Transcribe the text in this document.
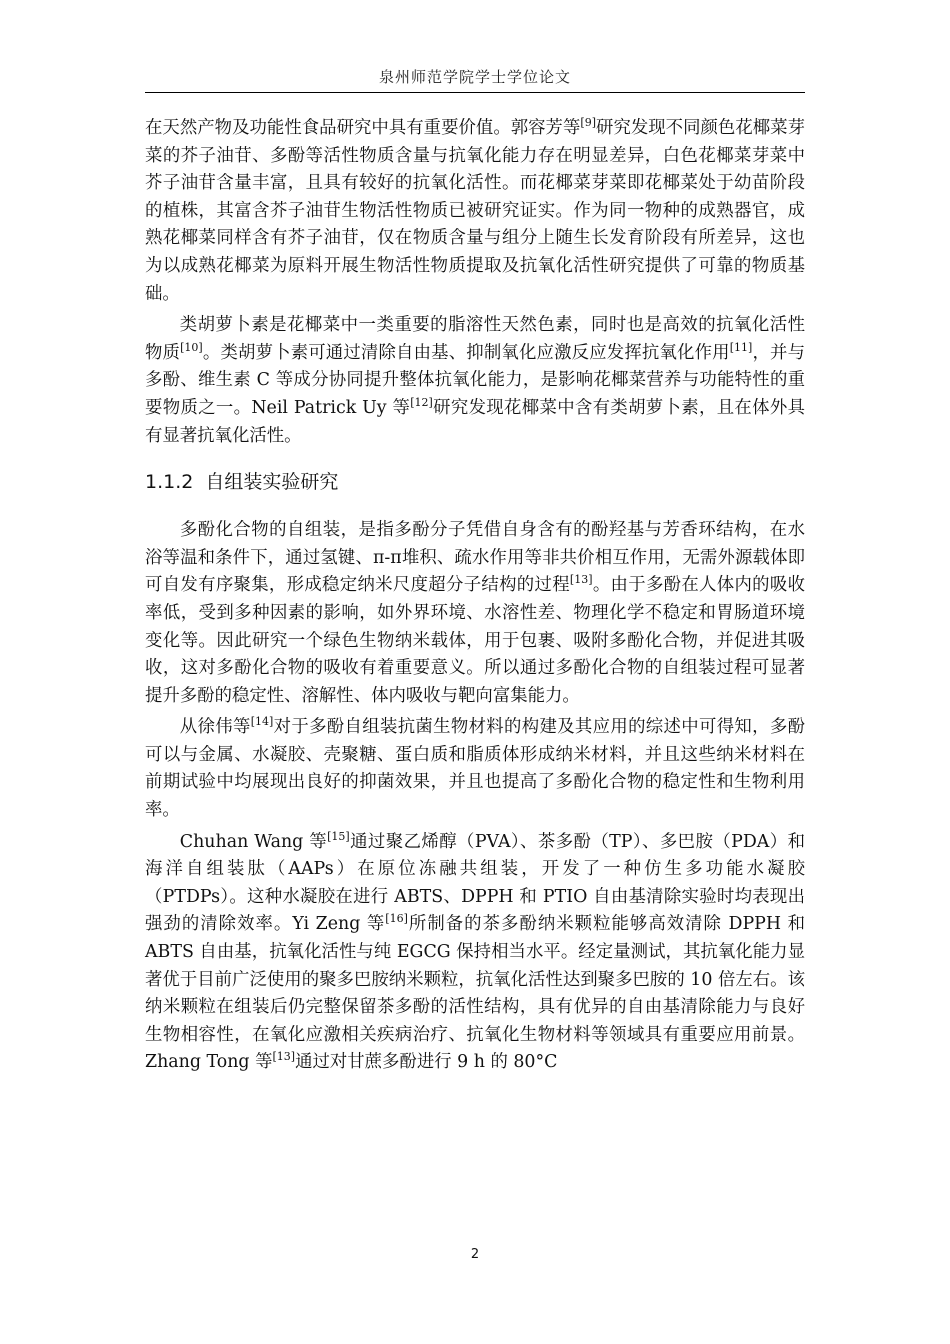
泉州师范学院学士学位论文

在天然产物及功能性食品研究中具有重要价值。郭容芳等[9]研究发现不同颜色花椰菜芽菜的芥子油苷、多酚等活性物质含量与抗氧化能力存在明显差异，白色花椰菜芽菜中芥子油苷含量丰富，且具有较好的抗氧化活性。而花椰菜芽菜即花椰菜处于幼苗阶段的植株，其富含芥子油苷生物活性物质已被研究证实。作为同一物种的成熟器官，成熟花椰菜同样含有芥子油苷，仅在物质含量与组分上随生长发育阶段有所差异，这也为以成熟花椰菜为原料开展生物活性物质提取及抗氧化活性研究提供了可靠的物质基础。

类胡萝卜素是花椰菜中一类重要的脂溶性天然色素，同时也是高效的抗氧化活性物质[10]。类胡萝卜素可通过清除自由基、抑制氧化应激反应发挥抗氧化作用[11]，并与多酚、维生素 C 等成分协同提升整体抗氧化能力，是影响花椰菜营养与功能特性的重要物质之一。Neil Patrick Uy 等[12]研究发现花椰菜中含有类胡萝卜素，且在体外具有显著抗氧化活性。

1.1.2 自组装实验研究

多酚化合物的自组装，是指多酚分子凭借自身含有的酚羟基与芳香环结构，在水浴等温和条件下，通过氢键、π-π堆积、疏水作用等非共价相互作用，无需外源载体即可自发有序聚集，形成稳定纳米尺度超分子结构的过程[13]。由于多酚在人体内的吸收率低，受到多种因素的影响，如外界环境、水溶性差、物理化学不稳定和胃肠道环境变化等。因此研究一个绿色生物纳米载体，用于包裹、吸附多酚化合物，并促进其吸收，这对多酚化合物的吸收有着重要意义。所以通过多酚化合物的自组装过程可显著提升多酚的稳定性、溶解性、体内吸收与靶向富集能力。

从徐伟等[14]对于多酚自组装抗菌生物材料的构建及其应用的综述中可得知，多酚可以与金属、水凝胶、壳聚糖、蛋白质和脂质体形成纳米材料，并且这些纳米材料在前期试验中均展现出良好的抑菌效果，并且也提高了多酚化合物的稳定性和生物利用率。

Chuhan Wang 等[15]通过聚乙烯醇（PVA）、茶多酚（TP）、多巴胺（PDA）和海洋自组装肽（AAPs）在原位冻融共组装，开发了一种仿生多功能水凝胶（PTDPs）。这种水凝胶在进行 ABTS、DPPH 和 PTIO 自由基清除实验时均表现出强劲的清除效率。Yi Zeng 等[16]所制备的茶多酚纳米颗粒能够高效清除 DPPH 和 ABTS 自由基，抗氧化活性与纯 EGCG 保持相当水平。经定量测试，其抗氧化能力显著优于目前广泛使用的聚多巴胺纳米颗粒，抗氧化活性达到聚多巴胺的 10 倍左右。该纳米颗粒在组装后仍完整保留茶多酚的活性结构，具有优异的自由基清除能力与良好生物相容性，在氧化应激相关疾病治疗、抗氧化生物材料等领域具有重要应用前景。Zhang Tong 等[13]通过对甘蔗多酚进行 9 h 的 80°C

2
